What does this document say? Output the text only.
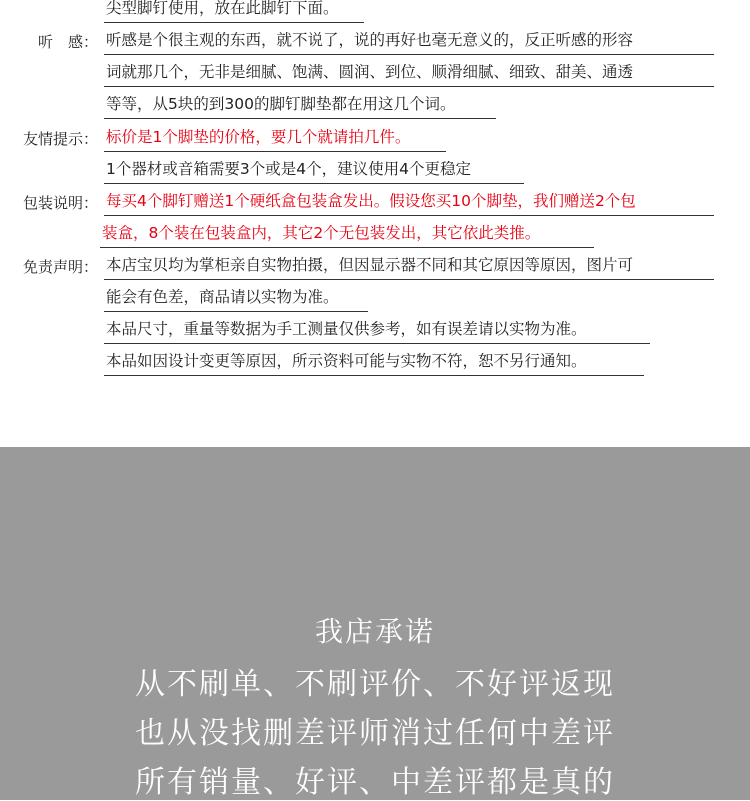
尖型脚钉使用，放在此脚钉下面。
听　感： 听感是个很主观的东西，就不说了，说的再好也毫无意义的，反正听感的形容
词就那几个，无非是细腻、饱满、圆润、到位、顺滑细腻、细致、甜美、通透
等等，从5块的到300的脚钉脚垫都在用这几个词。
友情提示： 标价是1个脚垫的价格，要几个就请拍几件。
1个器材或音箱需要3个或是4个，建议使用4个更稳定
包装说明： 每买4个脚钉赠送1个硬纸盒包装盒发出。假设您买10个脚垫，我们赠送2个包
装盒，8个装在包装盒内，其它2个无包装发出，其它依此类推。
免责声明： 本店宝贝均为掌柜亲自实物拍摄，但因显示器不同和其它原因等原因，图片可
能会有色差，商品请以实物为准。
本品尺寸，重量等数据为手工测量仅供参考，如有误差请以实物为准。
本品如因设计变更等原因，所示资料可能与实物不符，恕不另行通知。
我店承诺
从不刷单、不刷评价、不好评返现
也从没找删差评师消过任何中差评
所有销量、好评、中差评都是真的
